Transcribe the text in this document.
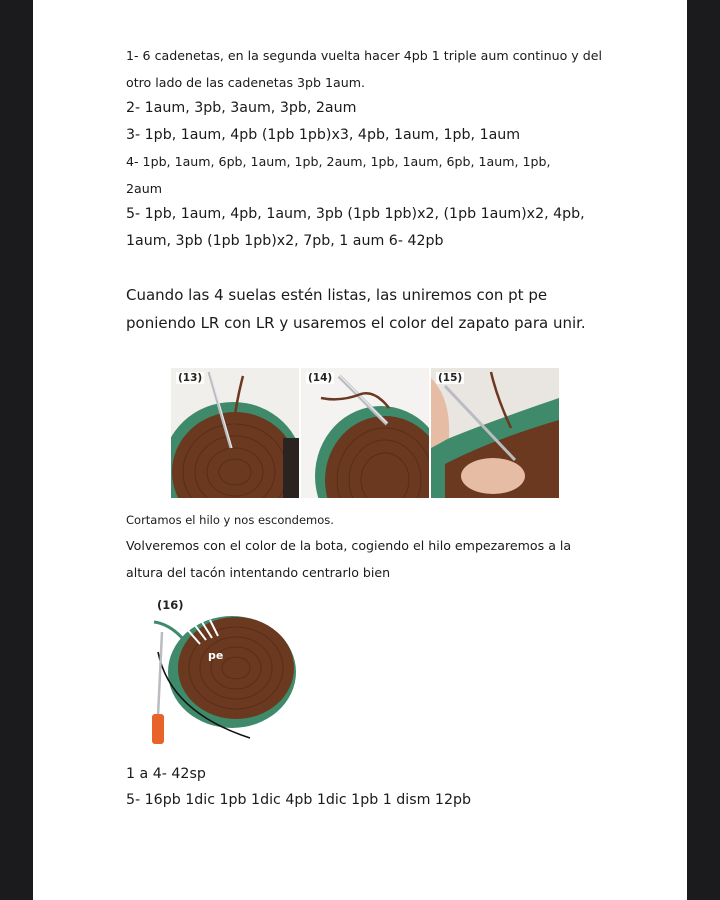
1- 6 cadenetas, en la segunda vuelta hacer 4pb 1 triple aum continuo y del

otro lado de las cadenetas 3pb 1aum.

2- 1aum, 3pb, 3aum, 3pb, 2aum

3- 1pb, 1aum, 4pb (1pb 1pb)x3, 4pb, 1aum, 1pb, 1aum

4- 1pb, 1aum, 6pb, 1aum, 1pb, 2aum, 1pb, 1aum, 6pb, 1aum, 1pb,

2aum

5- 1pb, 1aum, 4pb, 1aum, 3pb (1pb 1pb)x2, (1pb 1aum)x2, 4pb,

1aum, 3pb (1pb 1pb)x2, 7pb, 1 aum 6- 42pb

Cuando las 4 suelas estén listas, las uniremos con pt pe

poniendo LR con LR y usaremos el color del zapato para unir.

(13)	(14)	(15)

Cortamos el hilo y nos escondemos.

Volveremos con el color de la bota, cogiendo el hilo empezaremos a la

altura del tacón intentando centrarlo bien

(16)
pe

1 a 4- 42sp

5- 16pb 1dic 1pb 1dic 4pb 1dic 1pb 1 dism 12pb
